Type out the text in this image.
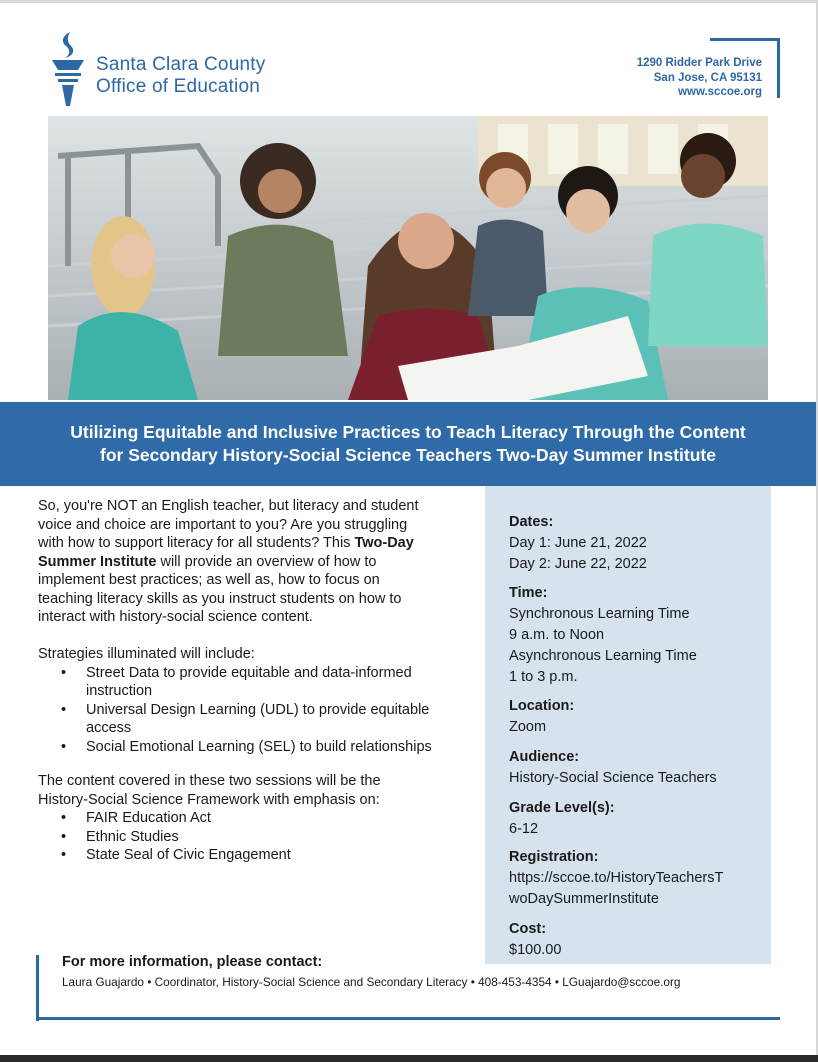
Santa Clara County
Office of Education
1290 Ridder Park Drive
San Jose, CA 95131
www.sccoe.org
Utilizing Equitable and Inclusive Practices to Teach Literacy Through the Content
for Secondary History-Social Science Teachers Two-Day Summer Institute
So, you're NOT an English teacher, but literacy and student
voice and choice are important to you? Are you struggling
with how to support literacy for all students? This Two-Day
Summer Institute will provide an overview of how to
implement best practices; as well as, how to focus on
teaching literacy skills as you instruct students on how to
interact with history-social science content.
Strategies illuminated will include:
• Street Data to provide equitable and data-informed
instruction
• Universal Design Learning (UDL) to provide equitable
access
• Social Emotional Learning (SEL) to build relationships
The content covered in these two sessions will be the
History-Social Science Framework with emphasis on:
• FAIR Education Act
• Ethnic Studies
• State Seal of Civic Engagement
Dates:
Day 1: June 21, 2022
Day 2: June 22, 2022
Time:
Synchronous Learning Time
9 a.m. to Noon
Asynchronous Learning Time
1 to 3 p.m.
Location:
Zoom
Audience:
History-Social Science Teachers
Grade Level(s):
6-12
Registration:
https://sccoe.to/HistoryTeachersT
woDaySummerInstitute
Cost:
$100.00
For more information, please contact:
Laura Guajardo • Coordinator, History-Social Science and Secondary Literacy • 408-453-4354 • LGuajardo@sccoe.org
